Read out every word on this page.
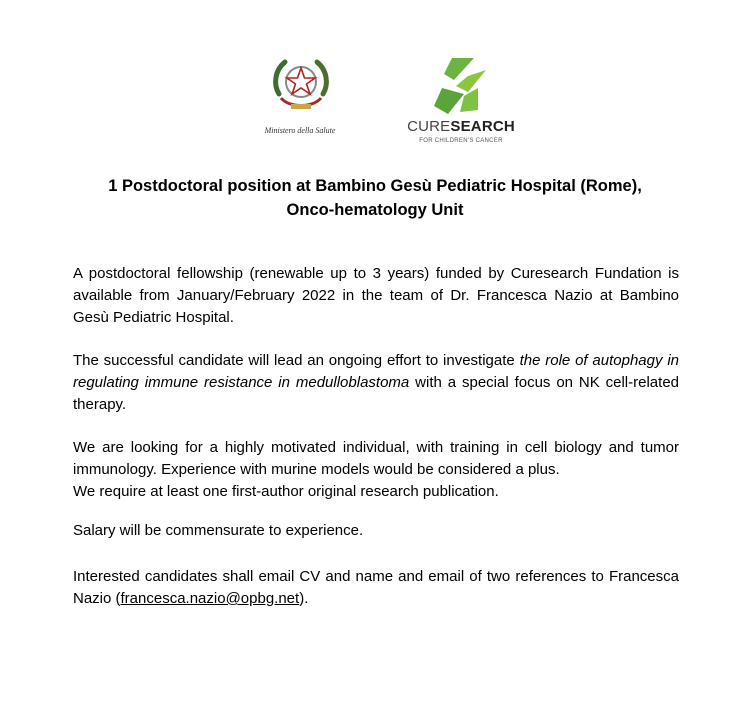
Ministero della Salute	CURESEARCH
FOR CHILDREN'S CANCER
1 Postdoctoral position at Bambino Gesù Pediatric Hospital (Rome),
Onco-hematology Unit

A postdoctoral fellowship (renewable up to 3 years) funded by Curesearch Fundation is available from January/February 2022 in the team of Dr. Francesca Nazio at Bambino Gesù Pediatric Hospital.

The successful candidate will lead an ongoing effort to investigate the role of autophagy in regulating immune resistance in medulloblastoma with a special focus on NK cell-related therapy.

We are looking for a highly motivated individual, with training in cell biology and tumor immunology. Experience with murine models would be considered a plus.
We require at least one first-author original research publication.

Salary will be commensurate to experience.

Interested candidates shall email CV and name and email of two references to Francesca Nazio (francesca.nazio@opbg.net).
